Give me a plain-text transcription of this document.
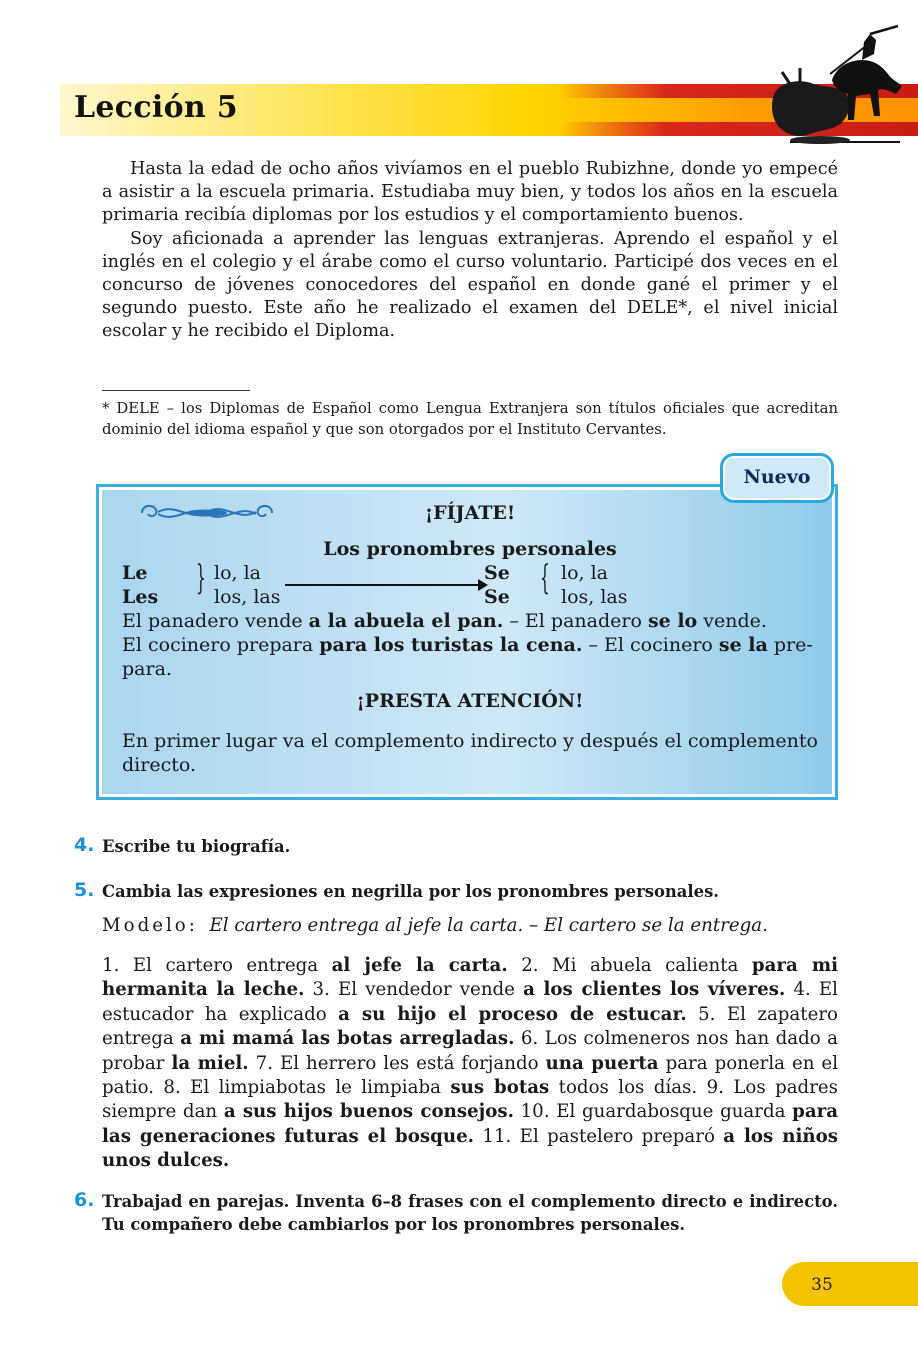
Lección 5

Hasta la edad de ocho años vivíamos en el pueblo Rubizhne, donde yo empecé a asistir a la escuela primaria. Estudiaba muy bien, y todos los años en la escuela primaria recibía diplomas por los estudios y el comportamiento buenos.

Soy aficionada a aprender las lenguas extranjeras. Aprendo el español y el inglés en el colegio y el árabe como el curso voluntario. Participé dos veces en el concurso de jóvenes conocedores del español en donde gané el primer y el segundo puesto. Este año he realizado el examen del DELE*, el nivel inicial escolar y he recibido el Diploma.

* DELE – los Diplomas de Español como Lengua Extranjera son títulos oficiales que acreditan dominio del idioma español y que son otorgados por el Instituto Cervantes.
Nuevo
¡FÍJATE!
Los pronombres personales
Le
Les } lo, la
los, las
Se
Se { lo, la
los, las
El panadero vende a la abuela el pan. – El panadero se lo vende.
El cocinero prepara para los turistas la cena. – El cocinero se la pre-
para.
¡PRESTA ATENCIÓN!
En primer lugar va el complemento indirecto y después el complemento directo.
4. Escribe tu biografía.
5. Cambia las expresiones en negrilla por los pronombres personales.
Modelo: El cartero entrega al jefe la carta. – El cartero se la entrega.
1. El cartero entrega al jefe la carta. 2. Mi abuela calienta para mi hermanita la leche. 3. El vendedor vende a los clientes los víveres. 4. El estucador ha explicado a su hijo el proceso de estucar. 5. El zapatero entrega a mi mamá las botas arregladas. 6. Los colmeneros nos han dado a probar la miel. 7. El herrero les está forjando una puerta para ponerla en el patio. 8. El limpiabotas le limpiaba sus botas todos los días. 9. Los padres siempre dan a sus hijos buenos consejos. 10. El guardabosque guarda para las generaciones futuras el bosque. 11. El pastelero preparó a los niños unos dulces.
6. Trabajad en parejas. Inventa 6–8 frases con el complemento directo e indirecto. Tu compañero debe cambiarlos por los pronombres personales.
35
